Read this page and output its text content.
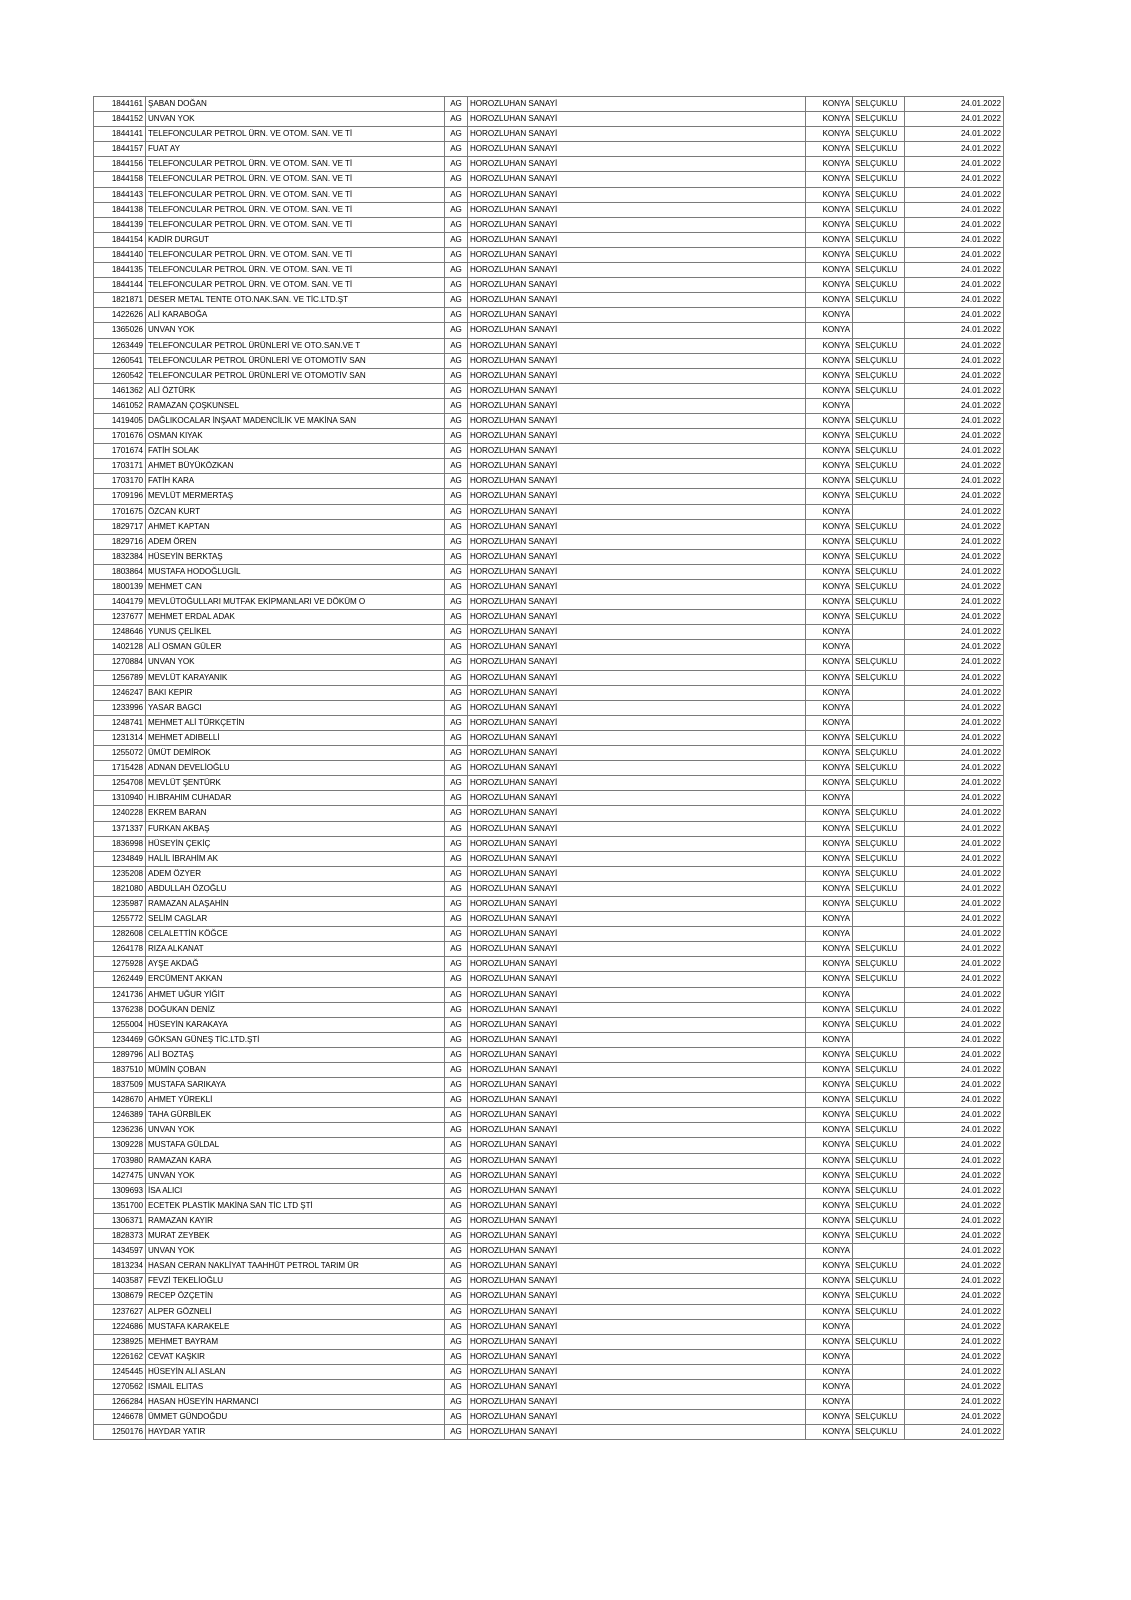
1844161	ŞABAN DOĞAN	AG	HOROZLUHAN SANAYİ	KONYA	SELÇUKLU	24.01.2022
1844152	UNVAN YOK	AG	HOROZLUHAN SANAYİ	KONYA	SELÇUKLU	24.01.2022
1844141	TELEFONCULAR PETROL ÜRN. VE OTOM. SAN. VE Tİ	AG	HOROZLUHAN SANAYİ	KONYA	SELÇUKLU	24.01.2022
1844157	FUAT AY	AG	HOROZLUHAN SANAYİ	KONYA	SELÇUKLU	24.01.2022
1844156	TELEFONCULAR PETROL ÜRN. VE OTOM. SAN. VE Tİ	AG	HOROZLUHAN SANAYİ	KONYA	SELÇUKLU	24.01.2022
1844158	TELEFONCULAR PETROL ÜRN. VE OTOM. SAN. VE Tİ	AG	HOROZLUHAN SANAYİ	KONYA	SELÇUKLU	24.01.2022
1844143	TELEFONCULAR PETROL ÜRN. VE OTOM. SAN. VE Tİ	AG	HOROZLUHAN SANAYİ	KONYA	SELÇUKLU	24.01.2022
1844138	TELEFONCULAR PETROL ÜRN. VE OTOM. SAN. VE Tİ	AG	HOROZLUHAN SANAYİ	KONYA	SELÇUKLU	24.01.2022
1844139	TELEFONCULAR PETROL ÜRN. VE OTOM. SAN. VE Tİ	AG	HOROZLUHAN SANAYİ	KONYA	SELÇUKLU	24.01.2022
1844154	KADİR DURGUT	AG	HOROZLUHAN SANAYİ	KONYA	SELÇUKLU	24.01.2022
1844140	TELEFONCULAR PETROL ÜRN. VE OTOM. SAN. VE Tİ	AG	HOROZLUHAN SANAYİ	KONYA	SELÇUKLU	24.01.2022
1844135	TELEFONCULAR PETROL ÜRN. VE OTOM. SAN. VE Tİ	AG	HOROZLUHAN SANAYİ	KONYA	SELÇUKLU	24.01.2022
1844144	TELEFONCULAR PETROL ÜRN. VE OTOM. SAN. VE Tİ	AG	HOROZLUHAN SANAYİ	KONYA	SELÇUKLU	24.01.2022
1821871	DESER METAL TENTE OTO.NAK.SAN. VE TİC.LTD.ŞT	AG	HOROZLUHAN SANAYİ	KONYA	SELÇUKLU	24.01.2022
1422626	ALİ KARABOĞA	AG	HOROZLUHAN SANAYİ	KONYA		24.01.2022
1365026	UNVAN YOK	AG	HOROZLUHAN SANAYİ	KONYA		24.01.2022
1263449	TELEFONCULAR PETROL ÜRÜNLERİ VE OTO.SAN.VE T	AG	HOROZLUHAN SANAYİ	KONYA	SELÇUKLU	24.01.2022
1260541	TELEFONCULAR PETROL ÜRÜNLERİ VE OTOMOTİV SAN	AG	HOROZLUHAN SANAYİ	KONYA	SELÇUKLU	24.01.2022
1260542	TELEFONCULAR PETROL ÜRÜNLERİ VE OTOMOTİV SAN	AG	HOROZLUHAN SANAYİ	KONYA	SELÇUKLU	24.01.2022
1461362	ALİ ÖZTÜRK	AG	HOROZLUHAN SANAYİ	KONYA	SELÇUKLU	24.01.2022
1461052	RAMAZAN ÇOŞKUNSEL	AG	HOROZLUHAN SANAYİ	KONYA		24.01.2022
1419405	DAĞLIKOCALAR İNŞAAT MADENCİLİK VE MAKİNA SAN	AG	HOROZLUHAN SANAYİ	KONYA	SELÇUKLU	24.01.2022
1701676	OSMAN KIYAK	AG	HOROZLUHAN SANAYİ	KONYA	SELÇUKLU	24.01.2022
1701674	FATİH SOLAK	AG	HOROZLUHAN SANAYİ	KONYA	SELÇUKLU	24.01.2022
1703171	AHMET BÜYÜKÖZKAN	AG	HOROZLUHAN SANAYİ	KONYA	SELÇUKLU	24.01.2022
1703170	FATİH KARA	AG	HOROZLUHAN SANAYİ	KONYA	SELÇUKLU	24.01.2022
1709196	MEVLÜT MERMERTAŞ	AG	HOROZLUHAN SANAYİ	KONYA	SELÇUKLU	24.01.2022
1701675	ÖZCAN KURT	AG	HOROZLUHAN SANAYİ	KONYA		24.01.2022
1829717	AHMET KAPTAN	AG	HOROZLUHAN SANAYİ	KONYA	SELÇUKLU	24.01.2022
1829716	ADEM ÖREN	AG	HOROZLUHAN SANAYİ	KONYA	SELÇUKLU	24.01.2022
1832384	HÜSEYİN BERKTAŞ	AG	HOROZLUHAN SANAYİ	KONYA	SELÇUKLU	24.01.2022
1803864	MUSTAFA HODOĞLUGİL	AG	HOROZLUHAN SANAYİ	KONYA	SELÇUKLU	24.01.2022
1800139	MEHMET CAN	AG	HOROZLUHAN SANAYİ	KONYA	SELÇUKLU	24.01.2022
1404179	MEVLÜTOĞULLARI MUTFAK EKİPMANLARI VE DÖKÜM O	AG	HOROZLUHAN SANAYİ	KONYA	SELÇUKLU	24.01.2022
1237677	MEHMET ERDAL ADAK	AG	HOROZLUHAN SANAYİ	KONYA	SELÇUKLU	24.01.2022
1248646	YUNUS ÇELİKEL	AG	HOROZLUHAN SANAYİ	KONYA		24.01.2022
1402128	ALİ OSMAN GÜLER	AG	HOROZLUHAN SANAYİ	KONYA		24.01.2022
1270884	UNVAN YOK	AG	HOROZLUHAN SANAYİ	KONYA	SELÇUKLU	24.01.2022
1256789	MEVLÜT KARAYANIK	AG	HOROZLUHAN SANAYİ	KONYA	SELÇUKLU	24.01.2022
1246247	BAKI KEPIR	AG	HOROZLUHAN SANAYİ	KONYA		24.01.2022
1233996	YASAR BAGCI	AG	HOROZLUHAN SANAYİ	KONYA		24.01.2022
1248741	MEHMET ALİ TÜRKÇETİN	AG	HOROZLUHAN SANAYİ	KONYA		24.01.2022
1231314	MEHMET ADIBELLİ	AG	HOROZLUHAN SANAYİ	KONYA	SELÇUKLU	24.01.2022
1255072	ÜMÜT DEMİROK	AG	HOROZLUHAN SANAYİ	KONYA	SELÇUKLU	24.01.2022
1715428	ADNAN DEVELİOĞLU	AG	HOROZLUHAN SANAYİ	KONYA	SELÇUKLU	24.01.2022
1254708	MEVLÜT ŞENTÜRK	AG	HOROZLUHAN SANAYİ	KONYA	SELÇUKLU	24.01.2022
1310940	H.IBRAHIM CUHADAR	AG	HOROZLUHAN SANAYİ	KONYA		24.01.2022
1240228	EKREM BARAN	AG	HOROZLUHAN SANAYİ	KONYA	SELÇUKLU	24.01.2022
1371337	FURKAN AKBAŞ	AG	HOROZLUHAN SANAYİ	KONYA	SELÇUKLU	24.01.2022
1836998	HÜSEYİN ÇEKİÇ	AG	HOROZLUHAN SANAYİ	KONYA	SELÇUKLU	24.01.2022
1234849	HALİL İBRAHİM AK	AG	HOROZLUHAN SANAYİ	KONYA	SELÇUKLU	24.01.2022
1235208	ADEM ÖZYER	AG	HOROZLUHAN SANAYİ	KONYA	SELÇUKLU	24.01.2022
1821080	ABDULLAH ÖZOĞLU	AG	HOROZLUHAN SANAYİ	KONYA	SELÇUKLU	24.01.2022
1235987	RAMAZAN ALAŞAHİN	AG	HOROZLUHAN SANAYİ	KONYA	SELÇUKLU	24.01.2022
1255772	SELİM CAGLAR	AG	HOROZLUHAN SANAYİ	KONYA		24.01.2022
1282608	CELALETTİN KÖĞCE	AG	HOROZLUHAN SANAYİ	KONYA		24.01.2022
1264178	RIZA ALKANAT	AG	HOROZLUHAN SANAYİ	KONYA	SELÇUKLU	24.01.2022
1275928	AYŞE AKDAĞ	AG	HOROZLUHAN SANAYİ	KONYA	SELÇUKLU	24.01.2022
1262449	ERCÜMENT AKKAN	AG	HOROZLUHAN SANAYİ	KONYA	SELÇUKLU	24.01.2022
1241736	AHMET UĞUR YİĞİT	AG	HOROZLUHAN SANAYİ	KONYA		24.01.2022
1376238	DOĞUKAN DENİZ	AG	HOROZLUHAN SANAYİ	KONYA	SELÇUKLU	24.01.2022
1255004	HÜSEYİN KARAKAYA	AG	HOROZLUHAN SANAYİ	KONYA	SELÇUKLU	24.01.2022
1234469	GÖKSAN GÜNEŞ TİC.LTD.ŞTİ	AG	HOROZLUHAN SANAYİ	KONYA		24.01.2022
1289796	ALİ BOZTAŞ	AG	HOROZLUHAN SANAYİ	KONYA	SELÇUKLU	24.01.2022
1837510	MÜMİN ÇOBAN	AG	HOROZLUHAN SANAYİ	KONYA	SELÇUKLU	24.01.2022
1837509	MUSTAFA SARIKAYA	AG	HOROZLUHAN SANAYİ	KONYA	SELÇUKLU	24.01.2022
1428670	AHMET YÜREKLİ	AG	HOROZLUHAN SANAYİ	KONYA	SELÇUKLU	24.01.2022
1246389	TAHA GÜRBİLEK	AG	HOROZLUHAN SANAYİ	KONYA	SELÇUKLU	24.01.2022
1236236	UNVAN YOK	AG	HOROZLUHAN SANAYİ	KONYA	SELÇUKLU	24.01.2022
1309228	MUSTAFA GÜLDAL	AG	HOROZLUHAN SANAYİ	KONYA	SELÇUKLU	24.01.2022
1703980	RAMAZAN KARA	AG	HOROZLUHAN SANAYİ	KONYA	SELÇUKLU	24.01.2022
1427475	UNVAN YOK	AG	HOROZLUHAN SANAYİ	KONYA	SELÇUKLU	24.01.2022
1309693	İSA ALICI	AG	HOROZLUHAN SANAYİ	KONYA	SELÇUKLU	24.01.2022
1351700	ECETEK PLASTİK MAKİNA SAN TİC LTD ŞTİ	AG	HOROZLUHAN SANAYİ	KONYA	SELÇUKLU	24.01.2022
1306371	RAMAZAN KAYIR	AG	HOROZLUHAN SANAYİ	KONYA	SELÇUKLU	24.01.2022
1828373	MURAT ZEYBEK	AG	HOROZLUHAN SANAYİ	KONYA	SELÇUKLU	24.01.2022
1434597	UNVAN YOK	AG	HOROZLUHAN SANAYİ	KONYA		24.01.2022
1813234	HASAN CERAN NAKLİYAT TAAHHÜT PETROL TARIM ÜR	AG	HOROZLUHAN SANAYİ	KONYA	SELÇUKLU	24.01.2022
1403587	FEVZİ TEKELİOĞLU	AG	HOROZLUHAN SANAYİ	KONYA	SELÇUKLU	24.01.2022
1308679	RECEP ÖZÇETİN	AG	HOROZLUHAN SANAYİ	KONYA	SELÇUKLU	24.01.2022
1237627	ALPER GÖZNELİ	AG	HOROZLUHAN SANAYİ	KONYA	SELÇUKLU	24.01.2022
1224686	MUSTAFA KARAKELE	AG	HOROZLUHAN SANAYİ	KONYA		24.01.2022
1238925	MEHMET BAYRAM	AG	HOROZLUHAN SANAYİ	KONYA	SELÇUKLU	24.01.2022
1226162	CEVAT KAŞKIR	AG	HOROZLUHAN SANAYİ	KONYA		24.01.2022
1245445	HÜSEYİN ALİ ASLAN	AG	HOROZLUHAN SANAYİ	KONYA		24.01.2022
1270562	ISMAIL ELITAS	AG	HOROZLUHAN SANAYİ	KONYA		24.01.2022
1266284	HASAN HÜSEYİN HARMANCI	AG	HOROZLUHAN SANAYİ	KONYA		24.01.2022
1246678	ÜMMET GÜNDOĞDU	AG	HOROZLUHAN SANAYİ	KONYA	SELÇUKLU	24.01.2022
1250176	HAYDAR YATIR	AG	HOROZLUHAN SANAYİ	KONYA	SELÇUKLU	24.01.2022
